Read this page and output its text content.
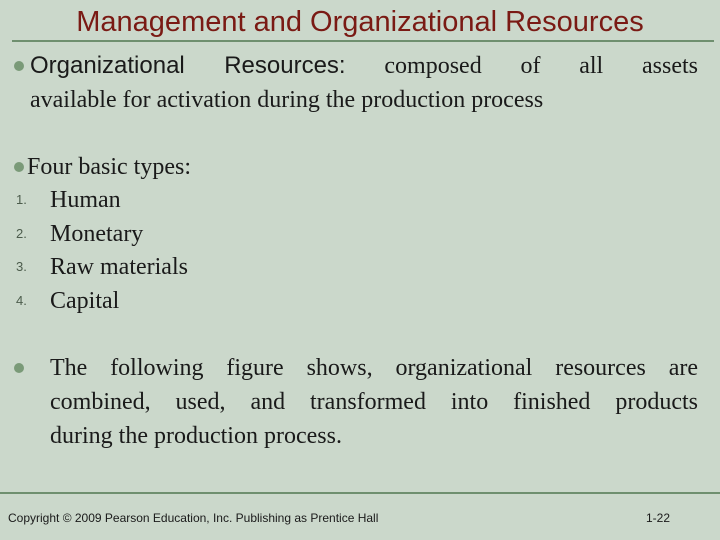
Management and Organizational Resources
Organizational Resources: composed of all assets
available for activation during the production process
Four basic types:
1. Human
2. Monetary
3. Raw materials
4. Capital
The following figure shows, organizational resources are
combined, used, and transformed into finished products
during the production process.
Copyright © 2009 Pearson Education, Inc. Publishing as Prentice Hall	1-22
